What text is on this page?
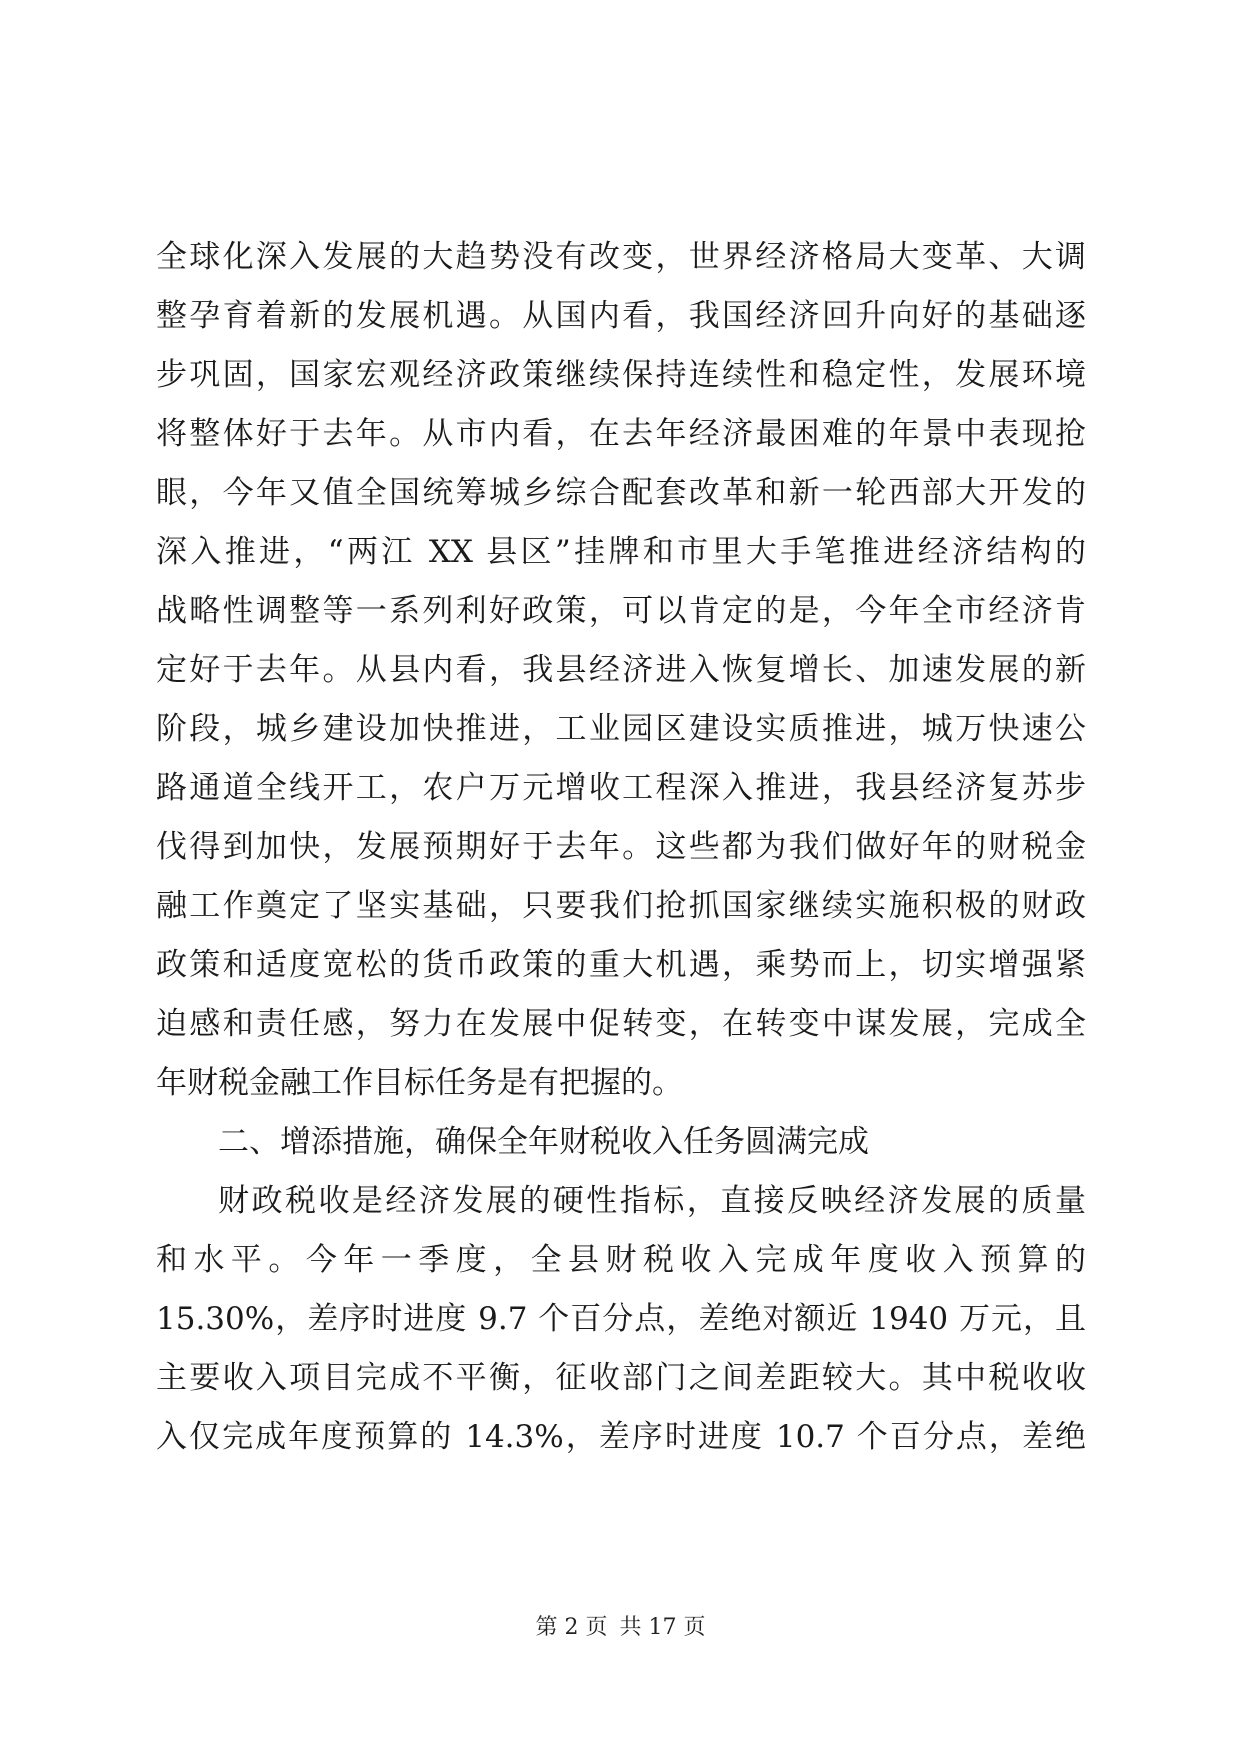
全球化深入发展的大趋势没有改变，世界经济格局大变革、大调
整孕育着新的发展机遇。从国内看，我国经济回升向好的基础逐
步巩固，国家宏观经济政策继续保持连续性和稳定性，发展环境
将整体好于去年。从市内看，在去年经济最困难的年景中表现抢
眼，今年又值全国统筹城乡综合配套改革和新一轮西部大开发的
深入推进，“两江 XX 县区”挂牌和市里大手笔推进经济结构的
战略性调整等一系列利好政策，可以肯定的是，今年全市经济肯
定好于去年。从县内看，我县经济进入恢复增长、加速发展的新
阶段，城乡建设加快推进，工业园区建设实质推进，城万快速公
路通道全线开工，农户万元增收工程深入推进，我县经济复苏步
伐得到加快，发展预期好于去年。这些都为我们做好年的财税金
融工作奠定了坚实基础，只要我们抢抓国家继续实施积极的财政
政策和适度宽松的货币政策的重大机遇，乘势而上，切实增强紧
迫感和责任感，努力在发展中促转变，在转变中谋发展，完成全
年财税金融工作目标任务是有把握的。
二、增添措施，确保全年财税收入任务圆满完成
财政税收是经济发展的硬性指标，直接反映经济发展的质量
和水平。今年一季度，全县财税收入完成年度收入预算的
15.30%，差序时进度 9.7 个百分点，差绝对额近 1940 万元，且
主要收入项目完成不平衡，征收部门之间差距较大。其中税收收
入仅完成年度预算的 14.3%，差序时进度 10.7 个百分点，差绝
第 2 页 共 17 页
